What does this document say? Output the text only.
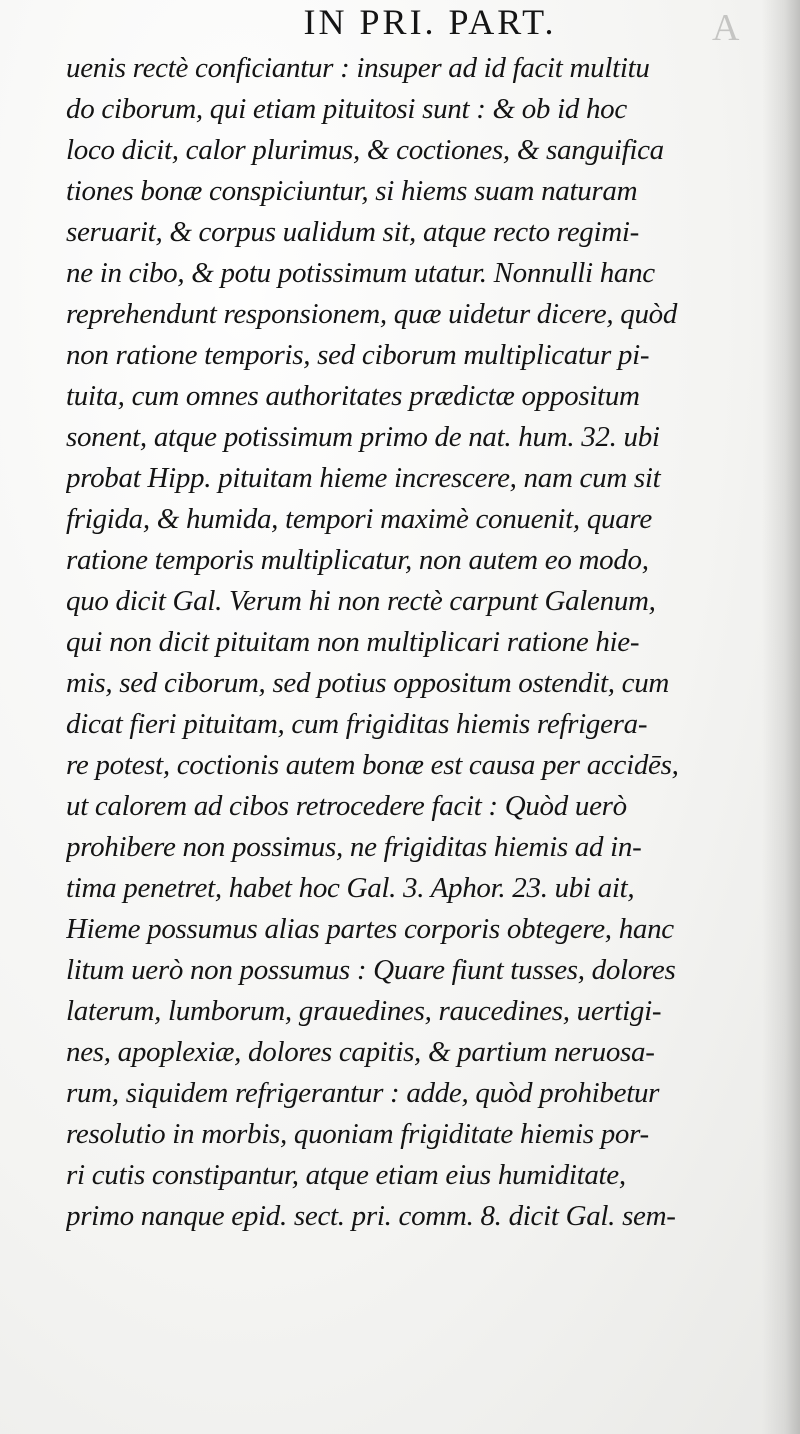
IN PRI. PART.	A
uenis rectè conficiantur : insuper ad id facit multitu
do ciborum, qui etiam pituitosi sunt : & ob id hoc
loco dicit, calor plurimus, & coctiones, & sanguifica
tiones bonæ conspiciuntur, si hiems suam naturam
seruarit, & corpus ualidum sit, atque recto regimi-
ne in cibo, & potu potissimum utatur. Nonnulli hanc
reprehendunt responsionem, quæ uidetur dicere, quòd
non ratione temporis, sed ciborum multiplicatur pi-
tuita, cum omnes authoritates prædictæ oppositum
sonent, atque potissimum primo de nat. hum. 32. ubi
probat Hipp. pituitam hieme increscere, nam cum sit
frigida, & humida, tempori maximè conuenit, quare
ratione temporis multiplicatur, non autem eo modo,
quo dicit Gal. Verum hi non rectè carpunt Galenum,
qui non dicit pituitam non multiplicari ratione hie-
mis, sed ciborum, sed potius oppositum ostendit, cum
dicat fieri pituitam, cum frigiditas hiemis refrigera-
re potest, coctionis autem bonæ est causa per accidēs,
ut calorem ad cibos retrocedere facit : Quòd uerò
prohibere non possimus, ne frigiditas hiemis ad in-
tima penetret, habet hoc Gal. 3. Aphor. 23. ubi ait,
Hieme possumus alias partes corporis obtegere, hanc
litum uerò non possumus : Quare fiunt tusses, dolores
laterum, lumborum, grauedines, raucedines, uertigi-
nes, apoplexiæ, dolores capitis, & partium neruosa-
rum, siquidem refrigerantur : adde, quòd prohibetur
resolutio in morbis, quoniam frigiditate hiemis por-
ri cutis constipantur, atque etiam eius humiditate,
primo nanque epid. sect. pri. comm. 8. dicit Gal. sem-
